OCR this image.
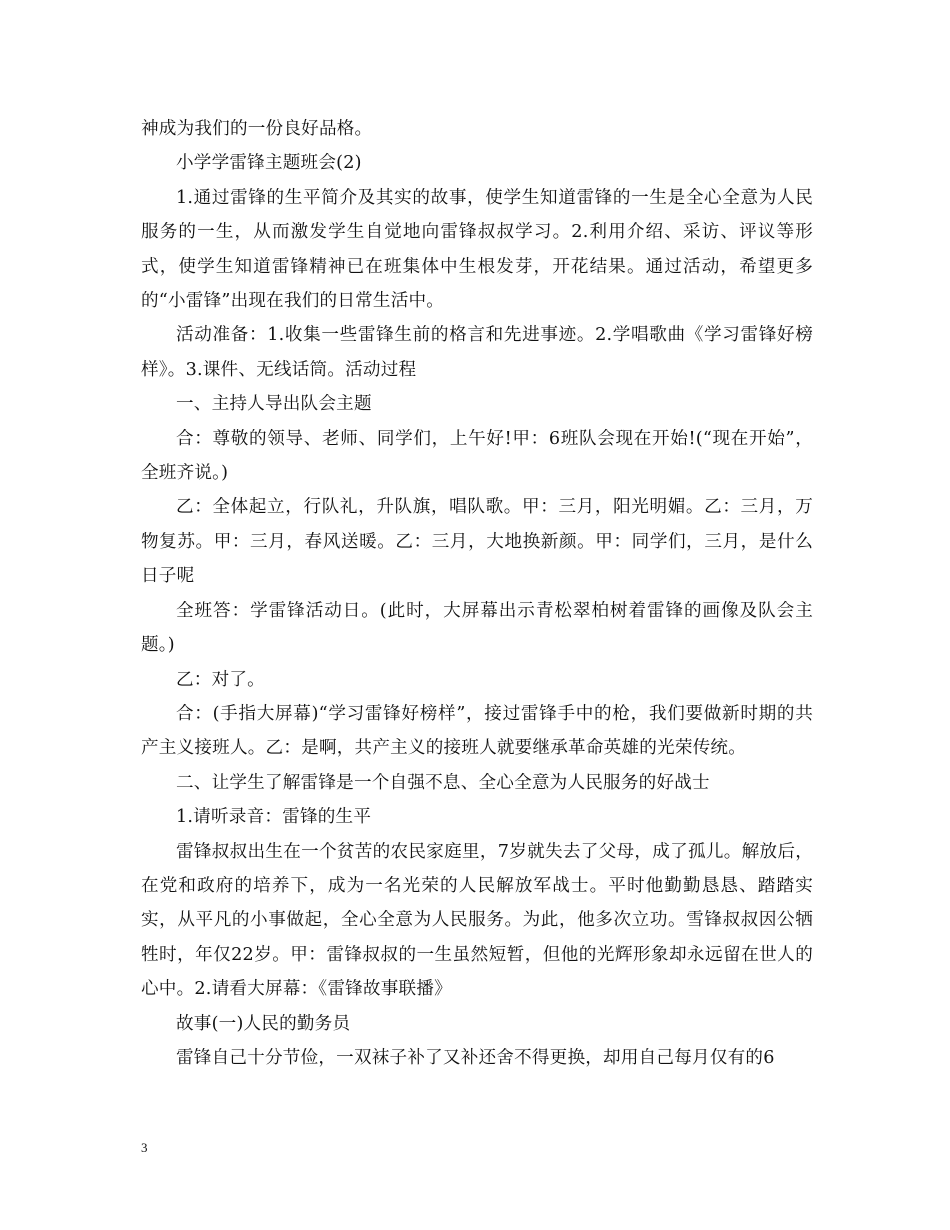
神成为我们的一份良好品格。

小学学雷锋主题班会(2)

1.通过雷锋的生平简介及其实的故事，使学生知道雷锋的一生是全心全意为人民服务的一生，从而激发学生自觉地向雷锋叔叔学习。2.利用介绍、采访、评议等形式，使学生知道雷锋精神已在班集体中生根发芽，开花结果。通过活动，希望更多的“小雷锋”出现在我们的日常生活中。

活动准备：1.收集一些雷锋生前的格言和先进事迹。2.学唱歌曲《学习雷锋好榜样》。3.课件、无线话筒。活动过程

一、主持人导出队会主题

合：尊敬的领导、老师、同学们，上午好!甲：6班队会现在开始!(“现在开始”，全班齐说。)

乙：全体起立，行队礼，升队旗，唱队歌。甲：三月，阳光明媚。乙：三月，万物复苏。甲：三月，春风送暖。乙：三月，大地换新颜。甲：同学们，三月，是什么日子呢

全班答：学雷锋活动日。(此时，大屏幕出示青松翠柏树着雷锋的画像及队会主题。)

乙：对了。

合：(手指大屏幕)“学习雷锋好榜样”，接过雷锋手中的枪，我们要做新时期的共产主义接班人。乙：是啊，共产主义的接班人就要继承革命英雄的光荣传统。

二、让学生了解雷锋是一个自强不息、全心全意为人民服务的好战士

1.请听录音：雷锋的生平

雷锋叔叔出生在一个贫苦的农民家庭里，7岁就失去了父母，成了孤儿。解放后，在党和政府的培养下，成为一名光荣的人民解放军战士。平时他勤勤恳恳、踏踏实实，从平凡的小事做起，全心全意为人民服务。为此，他多次立功。雪锋叔叔因公牺牲时，年仅22岁。甲：雷锋叔叔的一生虽然短暂，但他的光辉形象却永远留在世人的心中。2.请看大屏幕：《雷锋故事联播》

故事(一)人民的勤务员

雷锋自己十分节俭，一双袜子补了又补还舍不得更换，却用自己每月仅有的6

3
